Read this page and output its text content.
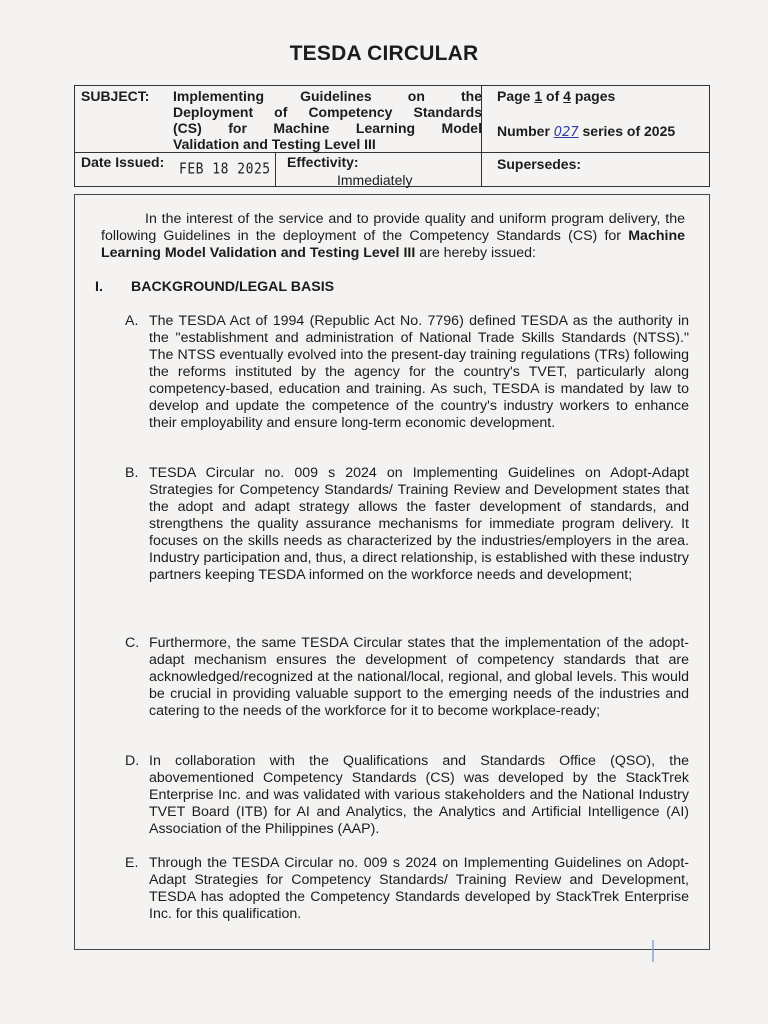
TESDA CIRCULAR
SUBJECT: Implementing Guidelines on the
Deployment of Competency Standards
(CS) for Machine Learning Model
Validation and Testing Level III
Page 1 of 4 pages
Number 027 series of 2025
Date Issued: FEB 18 2025 Effectivity:
Immediately
Supersedes:
In the interest of the service and to provide quality and uniform program delivery, the following Guidelines in the deployment of the Competency Standards (CS) for Machine Learning Model Validation and Testing Level III are hereby issued:
I. BACKGROUND/LEGAL BASIS
A. The TESDA Act of 1994 (Republic Act No. 7796) defined TESDA as the authority in the "establishment and administration of National Trade Skills Standards (NTSS)." The NTSS eventually evolved into the present-day training regulations (TRs) following the reforms instituted by the agency for the country's TVET, particularly along competency-based, education and training. As such, TESDA is mandated by law to develop and update the competence of the country's industry workers to enhance their employability and ensure long-term economic development.
B. TESDA Circular no. 009 s 2024 on Implementing Guidelines on Adopt-Adapt Strategies for Competency Standards/ Training Review and Development states that the adopt and adapt strategy allows the faster development of standards, and strengthens the quality assurance mechanisms for immediate program delivery. It focuses on the skills needs as characterized by the industries/employers in the area. Industry participation and, thus, a direct relationship, is established with these industry partners keeping TESDA informed on the workforce needs and development;
C. Furthermore, the same TESDA Circular states that the implementation of the adopt-adapt mechanism ensures the development of competency standards that are acknowledged/recognized at the national/local, regional, and global levels. This would be crucial in providing valuable support to the emerging needs of the industries and catering to the needs of the workforce for it to become workplace-ready;
D. In collaboration with the Qualifications and Standards Office (QSO), the abovementioned Competency Standards (CS) was developed by the StackTrek Enterprise Inc. and was validated with various stakeholders and the National Industry TVET Board (ITB) for AI and Analytics, the Analytics and Artificial Intelligence (AI) Association of the Philippines (AAP).
E. Through the TESDA Circular no. 009 s 2024 on Implementing Guidelines on Adopt- Adapt Strategies for Competency Standards/ Training Review and Development, TESDA has adopted the Competency Standards developed by StackTrek Enterprise Inc. for this qualification.
